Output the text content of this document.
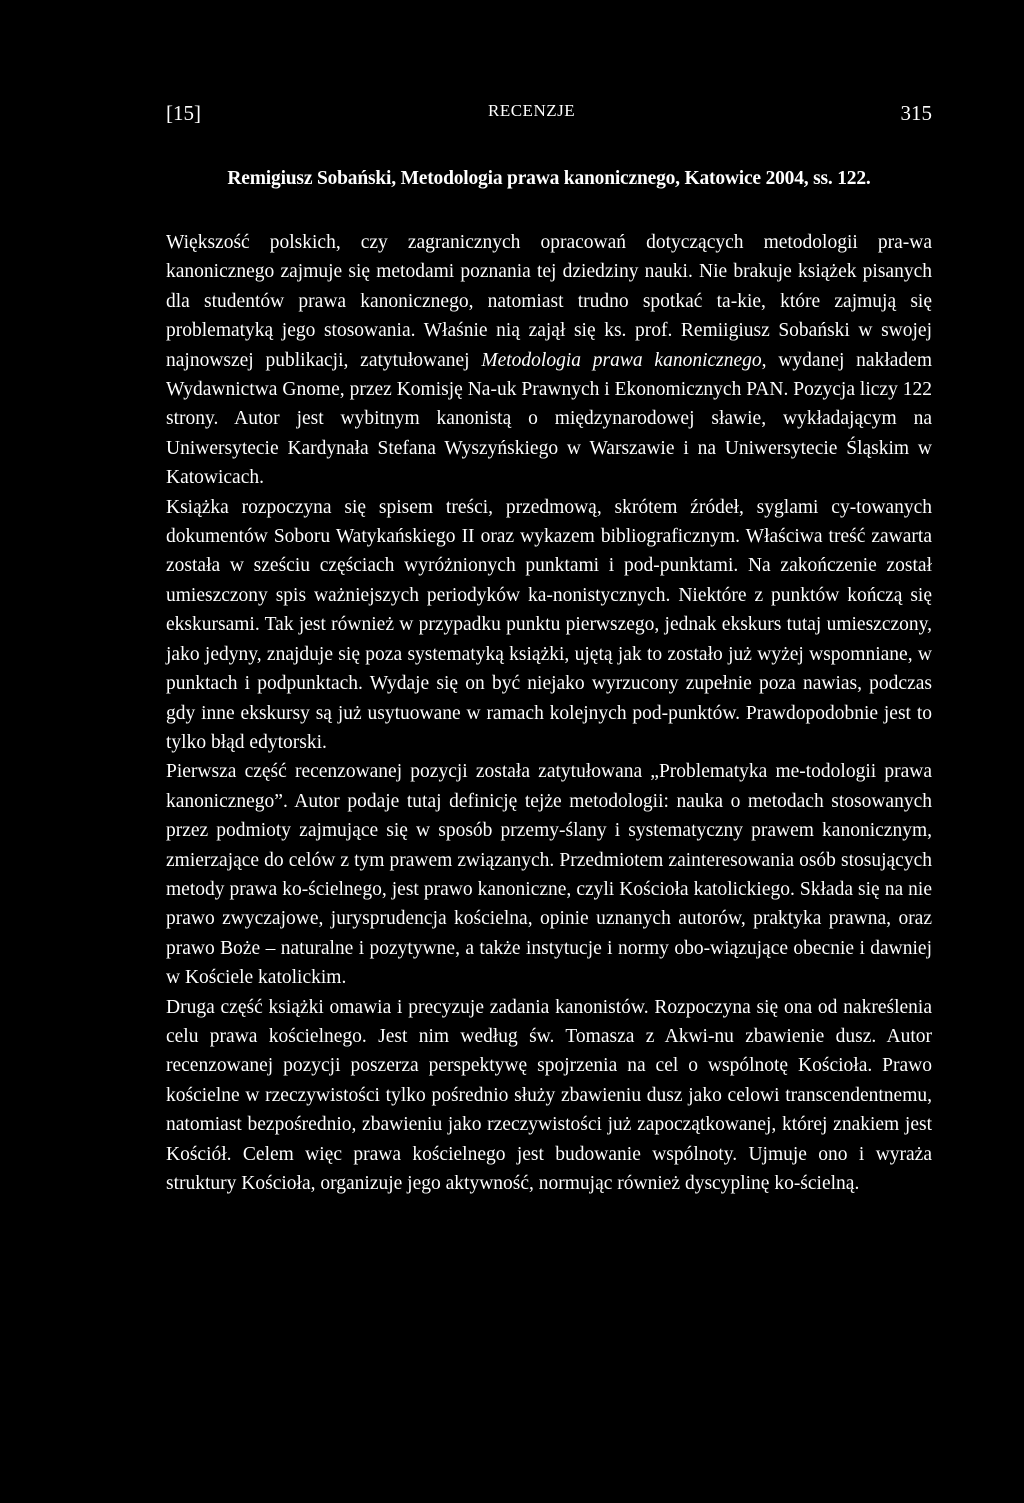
[15]	RECENZJE	315
Remigiusz Sobański, Metodologia prawa kanonicznego, Katowice 2004, ss. 122.

Większość polskich, czy zagranicznych opracowań dotyczących metodologii pra-wa kanonicznego zajmuje się metodami poznania tej dziedziny nauki. Nie brakuje książek pisanych dla studentów prawa kanonicznego, natomiast trudno spotkać ta-kie, które zajmują się problematyką jego stosowania. Właśnie nią zajął się ks. prof. Remiigiusz Sobański w swojej najnowszej publikacji, zatytułowanej Metodologia prawa kanonicznego, wydanej nakładem Wydawnictwa Gnome, przez Komisję Na-uk Prawnych i Ekonomicznych PAN. Pozycja liczy 122 strony. Autor jest wybitnym kanonistą o międzynarodowej sławie, wykładającym na Uniwersytecie Kardynała Stefana Wyszyńskiego w Warszawie i na Uniwersytecie Śląskim w Katowicach.

Książka rozpoczyna się spisem treści, przedmową, skrótem źródeł, syglami cy-towanych dokumentów Soboru Watykańskiego II oraz wykazem bibliograficznym. Właściwa treść zawarta została w sześciu częściach wyróżnionych punktami i pod-punktami. Na zakończenie został umieszczony spis ważniejszych periodyków ka-nonistycznych. Niektóre z punktów kończą się ekskursami. Tak jest również w przypadku punktu pierwszego, jednak ekskurs tutaj umieszczony, jako jedyny, znajduje się poza systematyką książki, ujętą jak to zostało już wyżej wspomniane, w punktach i podpunktach. Wydaje się on być niejako wyrzucony zupełnie poza nawias, podczas gdy inne ekskursy są już usytuowane w ramach kolejnych pod-punktów. Prawdopodobnie jest to tylko błąd edytorski.

Pierwsza część recenzowanej pozycji została zatytułowana „Problematyka me-todologii prawa kanonicznego”. Autor podaje tutaj definicję tejże metodologii: nauka o metodach stosowanych przez podmioty zajmujące się w sposób przemy-ślany i systematyczny prawem kanonicznym, zmierzające do celów z tym prawem związanych. Przedmiotem zainteresowania osób stosujących metody prawa ko-ścielnego, jest prawo kanoniczne, czyli Kościoła katolickiego. Składa się na nie prawo zwyczajowe, jurysprudencja kościelna, opinie uznanych autorów, praktyka prawna, oraz prawo Boże – naturalne i pozytywne, a także instytucje i normy obo-wiązujące obecnie i dawniej w Kościele katolickim.

Druga część książki omawia i precyzuje zadania kanonistów. Rozpoczyna się ona od nakreślenia celu prawa kościelnego. Jest nim według św. Tomasza z Akwi-nu zbawienie dusz. Autor recenzowanej pozycji poszerza perspektywę spojrzenia na cel o wspólnotę Kościoła. Prawo kościelne w rzeczywistości tylko pośrednio służy zbawieniu dusz jako celowi transcendentnemu, natomiast bezpośrednio, zbawieniu jako rzeczywistości już zapoczątkowanej, której znakiem jest Kościół. Celem więc prawa kościelnego jest budowanie wspólnoty. Ujmuje ono i wyraża struktury Kościoła, organizuje jego aktywność, normując również dyscyplinę ko-ścielną.
